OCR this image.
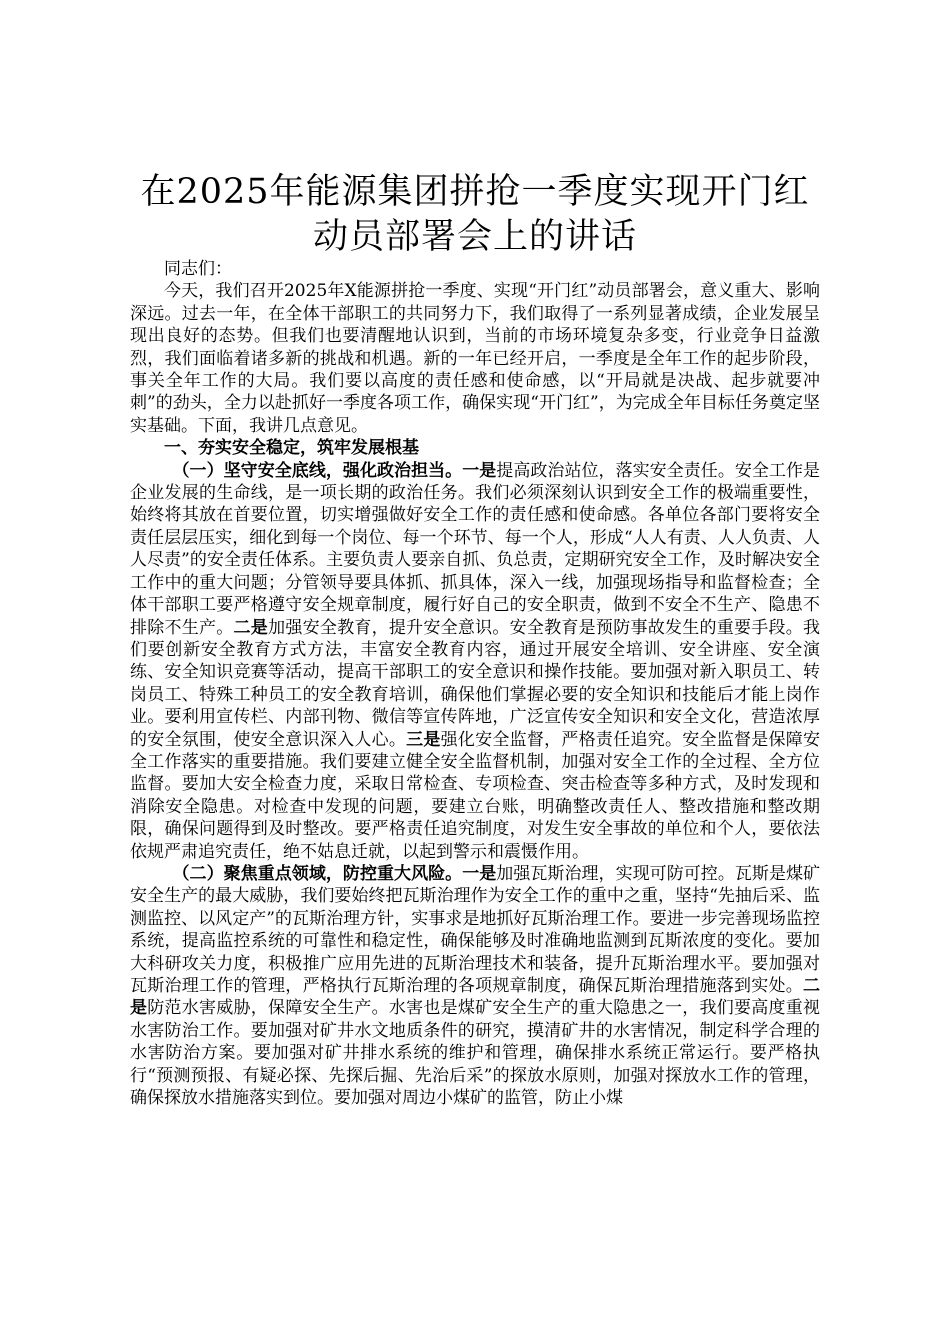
在2025年能源集团拼抢一季度实现开门红动员部署会上的讲话

同志们：

今天，我们召开2025年X能源拼抢一季度、实现“开门红”动员部署会，意义重大、影响深远。过去一年，在全体干部职工的共同努力下，我们取得了一系列显著成绩，企业发展呈现出良好的态势。但我们也要清醒地认识到，当前的市场环境复杂多变，行业竞争日益激烈，我们面临着诸多新的挑战和机遇。新的一年已经开启，一季度是全年工作的起步阶段，事关全年工作的大局。我们要以高度的责任感和使命感，以“开局就是决战、起步就要冲刺”的劲头，全力以赴抓好一季度各项工作，确保实现“开门红”，为完成全年目标任务奠定坚实基础。下面，我讲几点意见。

一、夯实安全稳定，筑牢发展根基

（一）坚守安全底线，强化政治担当。一是提高政治站位，落实安全责任。安全工作是企业发展的生命线，是一项长期的政治任务。我们必须深刻认识到安全工作的极端重要性，始终将其放在首要位置，切实增强做好安全工作的责任感和使命感。各单位各部门要将安全责任层层压实，细化到每一个岗位、每一个环节、每一个人，形成“人人有责、人人负责、人人尽责”的安全责任体系。主要负责人要亲自抓、负总责，定期研究安全工作，及时解决安全工作中的重大问题；分管领导要具体抓、抓具体，深入一线，加强现场指导和监督检查；全体干部职工要严格遵守安全规章制度，履行好自己的安全职责，做到不安全不生产、隐患不排除不生产。二是加强安全教育，提升安全意识。安全教育是预防事故发生的重要手段。我们要创新安全教育方式方法，丰富安全教育内容，通过开展安全培训、安全讲座、安全演练、安全知识竞赛等活动，提高干部职工的安全意识和操作技能。要加强对新入职员工、转岗员工、特殊工种员工的安全教育培训，确保他们掌握必要的安全知识和技能后才能上岗作业。要利用宣传栏、内部刊物、微信等宣传阵地，广泛宣传安全知识和安全文化，营造浓厚的安全氛围，使安全意识深入人心。三是强化安全监督，严格责任追究。安全监督是保障安全工作落实的重要措施。我们要建立健全安全监督机制，加强对安全工作的全过程、全方位监督。要加大安全检查力度，采取日常检查、专项检查、突击检查等多种方式，及时发现和消除安全隐患。对检查中发现的问题，要建立台账，明确整改责任人、整改措施和整改期限，确保问题得到及时整改。要严格责任追究制度，对发生安全事故的单位和个人，要依法依规严肃追究责任，绝不姑息迁就，以起到警示和震慑作用。

（二）聚焦重点领域，防控重大风险。一是加强瓦斯治理，实现可防可控。瓦斯是煤矿安全生产的最大威胁，我们要始终把瓦斯治理作为安全工作的重中之重，坚持“先抽后采、监测监控、以风定产”的瓦斯治理方针，实事求是地抓好瓦斯治理工作。要进一步完善现场监控系统，提高监控系统的可靠性和稳定性，确保能够及时准确地监测到瓦斯浓度的变化。要加大科研攻关力度，积极推广应用先进的瓦斯治理技术和装备，提升瓦斯治理水平。要加强对瓦斯治理工作的管理，严格执行瓦斯治理的各项规章制度，确保瓦斯治理措施落到实处。二是防范水害威胁，保障安全生产。水害也是煤矿安全生产的重大隐患之一，我们要高度重视水害防治工作。要加强对矿井水文地质条件的研究，摸清矿井的水害情况，制定科学合理的水害防治方案。要加强对矿井排水系统的维护和管理，确保排水系统正常运行。要严格执行“预测预报、有疑必探、先探后掘、先治后采”的探放水原则，加强对探放水工作的管理，确保探放水措施落实到位。要加强对周边小煤矿的监管，防止小煤
